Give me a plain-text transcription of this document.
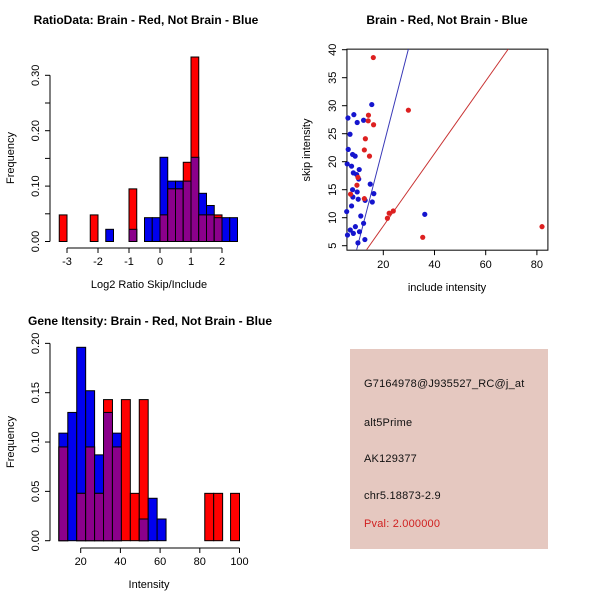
-3 -2 -1 0 1 2
0.00
0.10
0.20
0.30
RatioData: Brain - Red, Not Brain - Blue
Log2 Ratio Skip/Include
Frequency
20	40	60	80
5
10
15
20
25
30
35
40
Brain - Red, Not Brain - Blue
include intensity
skip intensity
20 40 60 80 100
0.00
0.05
0.10
0.15
0.20
Gene Itensity: Brain - Red, Not Brain - Blue
Intensity
Frequency
G7164978@J935527_RC@j_at
alt5Prime
AK129377
chr5.18873-2.9
Pval: 2.000000
